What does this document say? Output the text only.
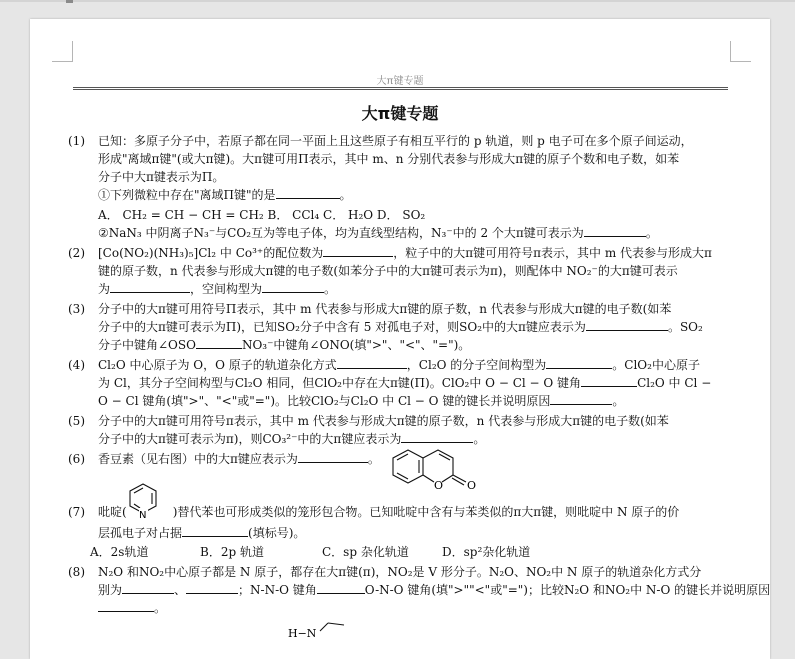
大π键专题
大π键专题
(1) 已知：多原子分子中，若原子都在同一平面上且这些原子有相互平行的 p 轨道，则 p 电子可在多个原子间运动，
形成"离域π键"(或大π键)。大π键可用Π表示，其中 m、n 分别代表参与形成大π键的原子个数和电子数，如苯
分子中大π键表示为Π。
①下列微粒中存在"离域Π键"的是	。
A． CH₂ = CH − CH = CH₂ B． CCl₄ C． H₂O D． SO₂
②NaN₃ 中阴离子N₃⁻与CO₂互为等电子体，均为直线型结构，N₃⁻中的 2 个大π键可表示为	。
(2) [Co(NO₂)(NH₃)₅]Cl₂ 中 Co³⁺的配位数为	，粒子中的大π键可用符号π表示，其中 m 代表参与形成大π
键的原子数，n 代表参与形成大π键的电子数(如苯分子中的大π键可表示为π)，则配体中 NO₂⁻的大π键可表示
为	，空间构型为	。
(3) 分子中的大π键可用符号Π表示，其中 m 代表参与形成大π键的原子数，n 代表参与形成大π键的电子数(如苯
分子中的大π键可表示为Π)，已知SO₂分子中含有 5 对孤电子对，则SO₂中的大π键应表示为	。SO₂
分子中键角∠OSO	NO₃⁻中键角∠ONO(填">"、"<"、"=")。
(4) Cl₂O 中心原子为 O，O 原子的轨道杂化方式	，Cl₂O 的分子空间构型为	。ClO₂中心原子
为 Cl，其分子空间构型与Cl₂O 相同，但ClO₂中存在大π键(Π)。ClO₂中 O − Cl − O 键角	Cl₂O 中 Cl −
O − Cl 键角(填">"、"<"或"=")。比较ClO₂与Cl₂O 中 Cl − O 键的键长并说明原因	。
(5) 分子中的大π键可用符号π表示，其中 m 代表参与形成大π键的原子数，n 代表参与形成大π键的电子数(如苯
分子中的大π键可表示为π)，则CO₃²⁻中的大π键应表示为	。
(6) 香豆素（见右图）中的大π键应表示为	。
O O
(7) 吡啶(	)替代苯也可形成类似的笼形包合物。已知吡啶中含有与苯类似的π大π键，则吡啶中 N 原子的价
N
层孤电子对占据	(填标号)。
A．2s轨道	B．2p 轨道	C．sp 杂化轨道	D．sp²杂化轨道
(8) N₂O 和NO₂中心原子都是 N 原子，都存在大π键(π)，NO₂是 V 形分子。N₂O、NO₂中 N 原子的轨道杂化方式分
别为	、	；N-N-O 键角	O-N-O 键角(填">""<"或"=")；比较N₂O 和NO₂中 N-O 的键长并说明原因
。
H−N
